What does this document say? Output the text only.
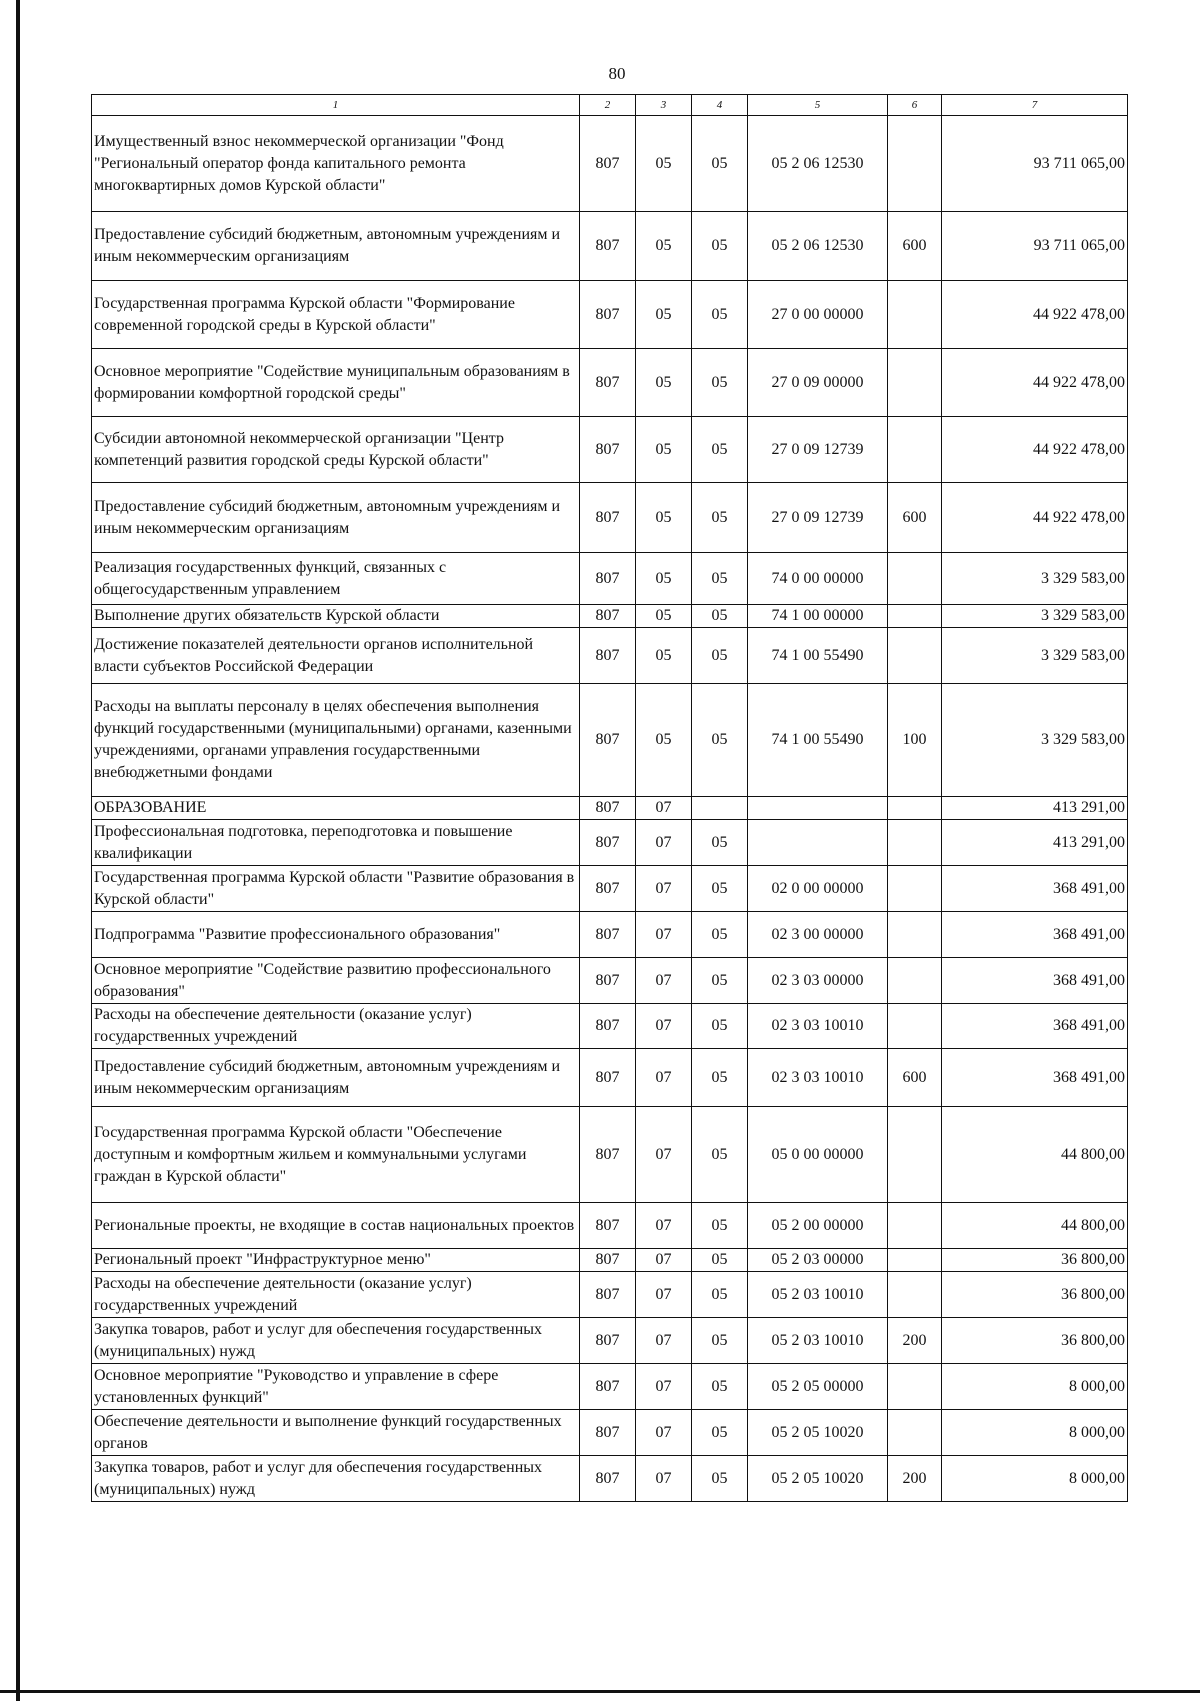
80
1	2	3	4	5	6	7
Имущественный взнос некоммерческой организации "Фонд "Региональный оператор фонда капитального ремонта многоквартирных домов Курской области"	807	05	05	05 2 06 12530		93 711 065,00
Предоставление субсидий бюджетным, автономным учреждениям и иным некоммерческим организациям	807	05	05	05 2 06 12530	600	93 711 065,00
Государственная программа Курской области "Формирование современной городской среды в Курской области"	807	05	05	27 0 00 00000		44 922 478,00
Основное мероприятие "Содействие муниципальным образованиям в формировании комфортной городской среды"	807	05	05	27 0 09 00000		44 922 478,00
Субсидии автономной некоммерческой организации "Центр компетенций развития городской среды Курской области"	807	05	05	27 0 09 12739		44 922 478,00
Предоставление субсидий бюджетным, автономным учреждениям и иным некоммерческим организациям	807	05	05	27 0 09 12739	600	44 922 478,00
Реализация государственных функций, связанных с общегосударственным управлением	807	05	05	74 0 00 00000		3 329 583,00
Выполнение других обязательств Курской области	807	05	05	74 1 00 00000		3 329 583,00
Достижение показателей деятельности органов исполнительной власти субъектов Российской Федерации	807	05	05	74 1 00 55490		3 329 583,00
Расходы на выплаты персоналу в целях обеспечения выполнения функций государственными (муниципальными) органами, казенными учреждениями, органами управления государственными внебюджетными фондами	807	05	05	74 1 00 55490	100	3 329 583,00
ОБРАЗОВАНИЕ	807	07				413 291,00
Профессиональная подготовка, переподготовка и повышение квалификации	807	07	05			413 291,00
Государственная программа Курской области "Развитие образования в Курской области"	807	07	05	02 0 00 00000		368 491,00
Подпрограмма "Развитие профессионального образования"	807	07	05	02 3 00 00000		368 491,00
Основное мероприятие "Содействие развитию профессионального образования"	807	07	05	02 3 03 00000		368 491,00
Расходы на обеспечение деятельности (оказание услуг) государственных учреждений	807	07	05	02 3 03 10010		368 491,00
Предоставление субсидий бюджетным, автономным учреждениям и иным некоммерческим организациям	807	07	05	02 3 03 10010	600	368 491,00
Государственная программа Курской области "Обеспечение доступным и комфортным жильем и коммунальными услугами граждан в Курской области"	807	07	05	05 0 00 00000		44 800,00
Региональные проекты, не входящие в состав национальных проектов	807	07	05	05 2 00 00000		44 800,00
Региональный проект "Инфраструктурное меню"	807	07	05	05 2 03 00000		36 800,00
Расходы на обеспечение деятельности (оказание услуг) государственных учреждений	807	07	05	05 2 03 10010		36 800,00
Закупка товаров, работ и услуг для обеспечения государственных (муниципальных) нужд	807	07	05	05 2 03 10010	200	36 800,00
Основное мероприятие "Руководство и управление в сфере установленных функций"	807	07	05	05 2 05 00000		8 000,00
Обеспечение деятельности и выполнение функций государственных органов	807	07	05	05 2 05 10020		8 000,00
Закупка товаров, работ и услуг для обеспечения государственных (муниципальных) нужд	807	07	05	05 2 05 10020	200	8 000,00
